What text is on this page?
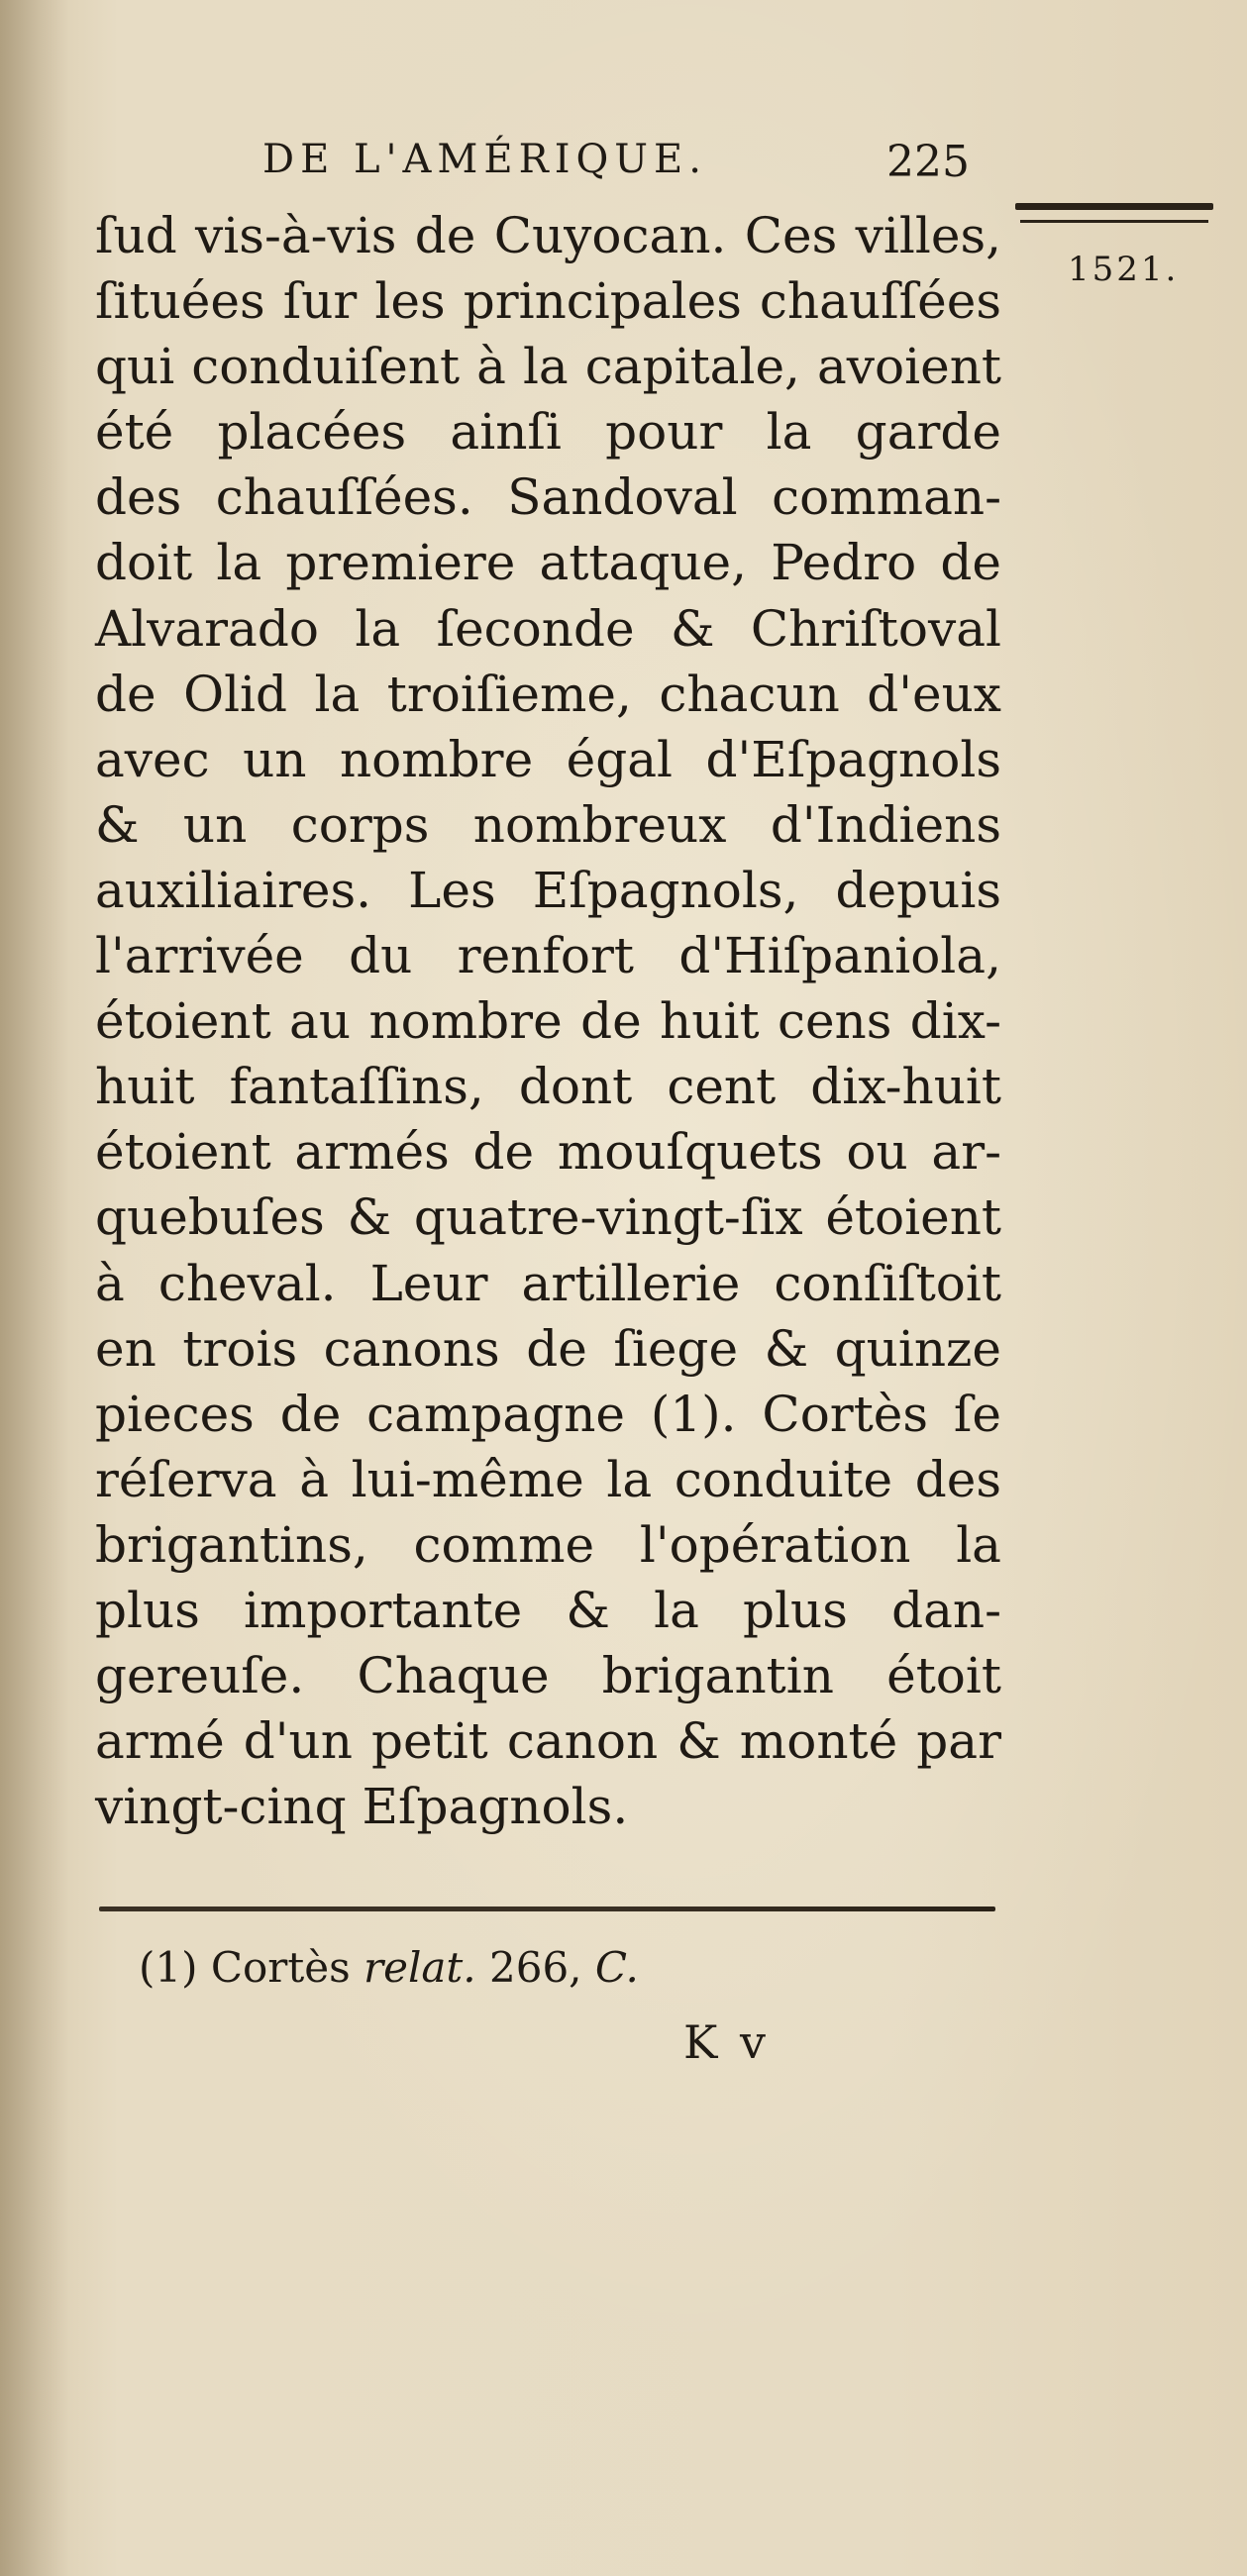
DE L'AMÉRIQUE.	225
1521.
ſud vis-à-vis de Cuyocan. Ces villes,
ſituées ſur les principales chauſſées
qui conduiſent à la capitale, avoient
été placées ainſi pour la garde
des chauſſées. Sandoval comman-
doit la premiere attaque, Pedro de
Alvarado la ſeconde & Chriſtoval
de Olid la troiſieme, chacun d'eux
avec un nombre égal d'Eſpagnols
& un corps nombreux d'Indiens
auxiliaires. Les Eſpagnols, depuis
l'arrivée du renfort d'Hiſpaniola,
étoient au nombre de huit cens dix-
huit fantaſſins, dont cent dix-huit
étoient armés de mouſquets ou ar-
quebuſes & quatre-vingt-ſix étoient
à cheval. Leur artillerie conſiſtoit
en trois canons de ſiege & quinze
pieces de campagne (1). Cortès ſe
réſerva à lui-même la conduite des
brigantins, comme l'opération la
plus importante & la plus dan-
gereuſe. Chaque brigantin étoit
armé d'un petit canon & monté par
vingt-cinq Eſpagnols.
(1) Cortès relat. 266, C.
K v
